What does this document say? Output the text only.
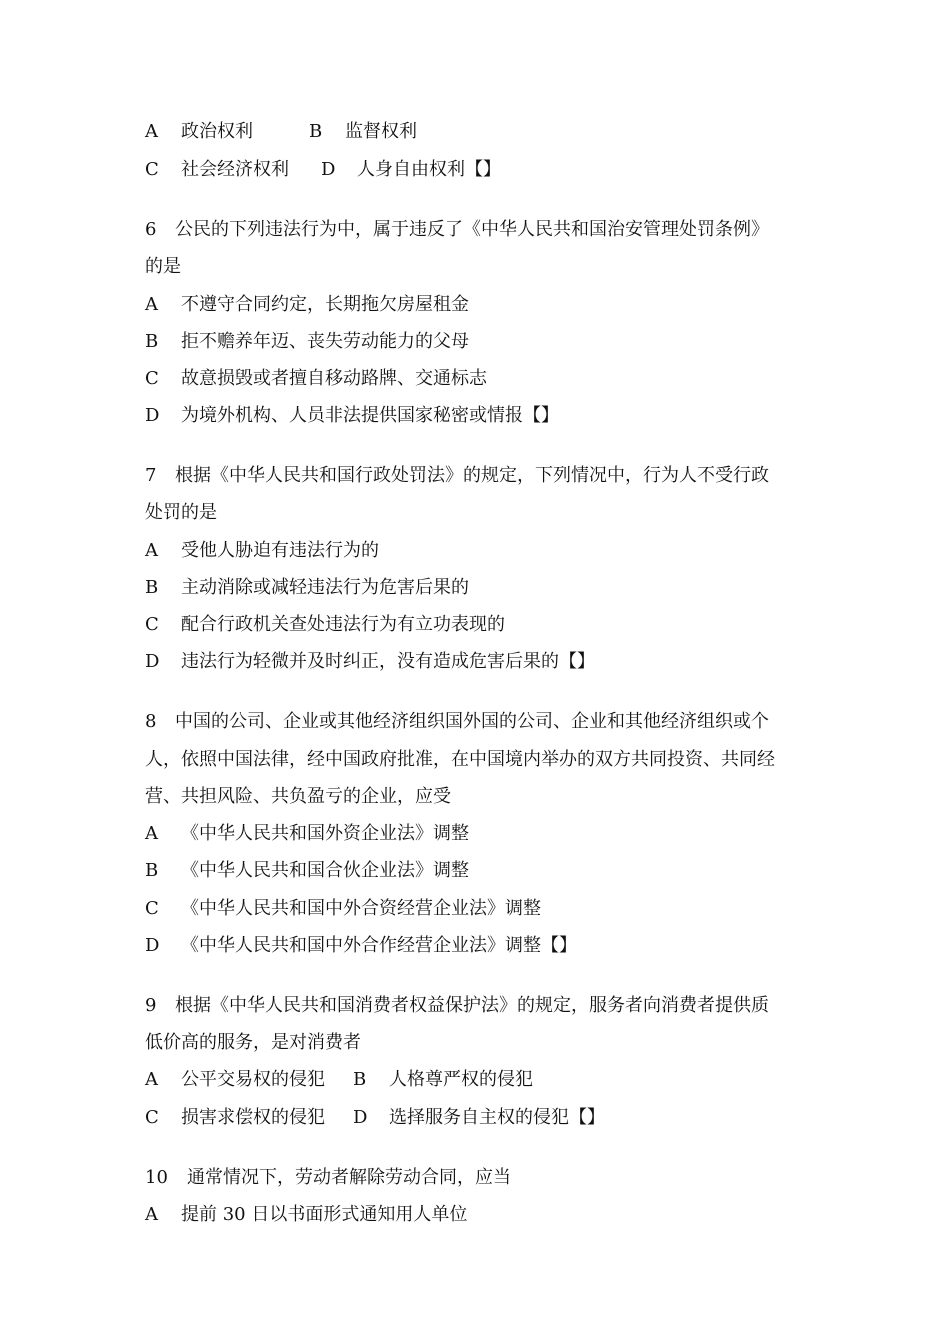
A 政治权利	B 监督权利
C 社会经济权利 D 人身自由权利【】
6 公民的下列违法行为中，属于违反了《中华人民共和国治安管理处罚条例》
的是
A 不遵守合同约定，长期拖欠房屋租金
B 拒不赡养年迈、丧失劳动能力的父母
C 故意损毁或者擅自移动路牌、交通标志
D 为境外机构、人员非法提供国家秘密或情报【】
7 根据《中华人民共和国行政处罚法》的规定，下列情况中，行为人不受行政
处罚的是
A 受他人胁迫有违法行为的
B 主动消除或减轻违法行为危害后果的
C 配合行政机关查处违法行为有立功表现的
D 违法行为轻微并及时纠正，没有造成危害后果的【】
8 中国的公司、企业或其他经济组织国外国的公司、企业和其他经济组织或个
人，依照中国法律，经中国政府批准，在中国境内举办的双方共同投资、共同经
营、共担风险、共负盈亏的企业，应受
A 《中华人民共和国外资企业法》调整
B 《中华人民共和国合伙企业法》调整
C 《中华人民共和国中外合资经营企业法》调整
D 《中华人民共和国中外合作经营企业法》调整【】
9 根据《中华人民共和国消费者权益保护法》的规定，服务者向消费者提供质
低价高的服务，是对消费者
A 公平交易权的侵犯 B 人格尊严权的侵犯
C 损害求偿权的侵犯 D 选择服务自主权的侵犯【】
10 通常情况下，劳动者解除劳动合同，应当
A 提前 30 日以书面形式通知用人单位
